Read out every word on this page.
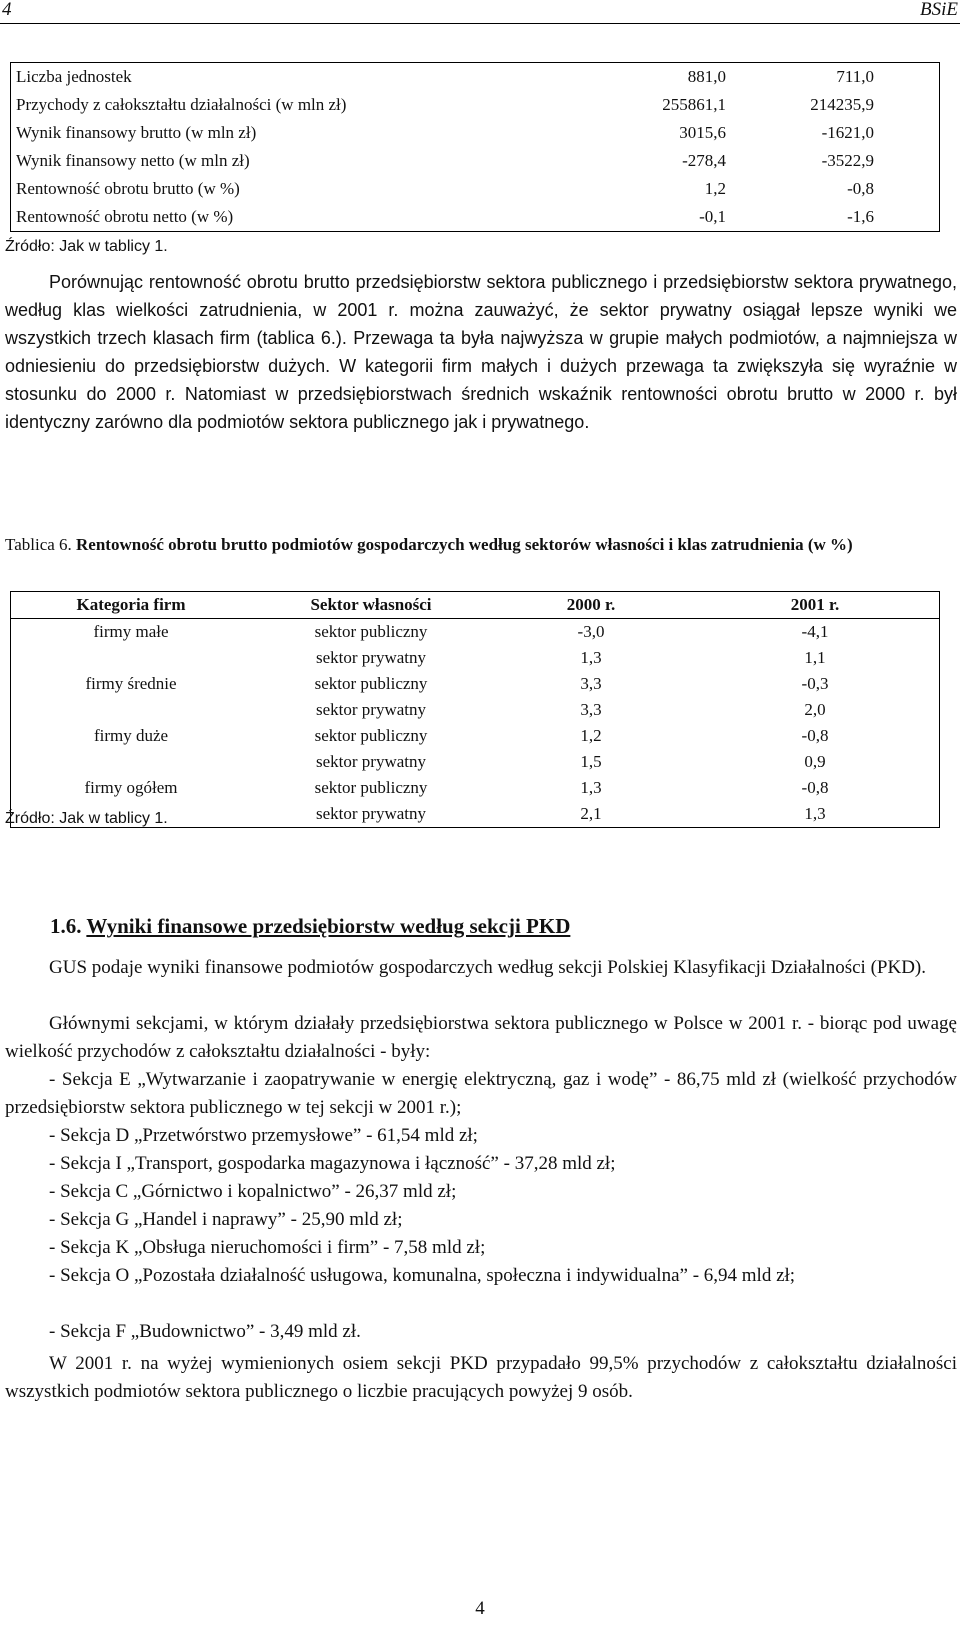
4	BSiE
Liczba jednostek	881,0	711,0
Przychody z całokształtu działalności (w mln zł)	255861,1	214235,9
Wynik finansowy brutto (w mln zł)	3015,6	-1621,0
Wynik finansowy netto (w mln zł)	-278,4	-3522,9
Rentowność obrotu brutto (w %)	1,2	-0,8
Rentowność obrotu netto (w %)	-0,1	-1,6
Źródło: Jak w tablicy 1.

Porównując rentowność obrotu brutto przedsiębiorstw sektora publicznego i przedsiębiorstw sektora prywatnego, według klas wielkości zatrudnienia, w 2001 r. można zauważyć, że sektor prywatny osiągał lepsze wyniki we wszystkich trzech klasach firm (tablica 6.). Przewaga ta była najwyższa w grupie małych podmiotów, a najmniejsza w odniesieniu do przedsiębiorstw dużych. W kategorii firm małych i dużych przewaga ta zwiększyła się wyraźnie w stosunku do 2000 r. Natomiast w przedsiębiorstwach średnich wskaźnik rentowności obrotu brutto w 2000 r. był identyczny zarówno dla podmiotów sektora publicznego jak i prywatnego.

Tablica 6. Rentowność obrotu brutto podmiotów gospodarczych według sektorów własności i klas zatrudnienia (w %)
Kategoria firm	Sektor własności	2000 r.	2001 r.
firmy małe	sektor publiczny	-3,0	-4,1
	sektor prywatny	1,3	1,1
firmy średnie	sektor publiczny	3,3	-0,3
	sektor prywatny	3,3	2,0
firmy duże	sektor publiczny	1,2	-0,8
	sektor prywatny	1,5	0,9
firmy ogółem	sektor publiczny	1,3	-0,8
	sektor prywatny	2,1	1,3
Źródło: Jak w tablicy 1.
1.6. Wyniki finansowe przedsiębiorstw według sekcji PKD

GUS podaje wyniki finansowe podmiotów gospodarczych według sekcji Polskiej Klasyfikacji Działalności (PKD).

Głównymi sekcjami, w którym działały przedsiębiorstwa sektora publicznego w Polsce w 2001 r. - biorąc pod uwagę wielkość przychodów z całokształtu działalności - były:

- Sekcja E „Wytwarzanie i zaopatrywanie w energię elektryczną, gaz i wodę” - 86,75 mld zł (wielkość przychodów przedsiębiorstw sektora publicznego w tej sekcji w 2001 r.);

- Sekcja D „Przetwórstwo przemysłowe” - 61,54 mld zł;

- Sekcja I „Transport, gospodarka magazynowa i łączność” - 37,28 mld zł;

- Sekcja C „Górnictwo i kopalnictwo” - 26,37 mld zł;

- Sekcja G „Handel i naprawy” - 25,90 mld zł;

- Sekcja K „Obsługa nieruchomości i firm” - 7,58 mld zł;

- Sekcja O „Pozostała działalność usługowa, komunalna, społeczna i indywidualna” - 6,94 mld zł;

- Sekcja F „Budownictwo” - 3,49 mld zł.

W 2001 r. na wyżej wymienionych osiem sekcji PKD przypadało 99,5% przychodów z całokształtu działalności wszystkich podmiotów sektora publicznego o liczbie pracujących powyżej 9 osób.

4
